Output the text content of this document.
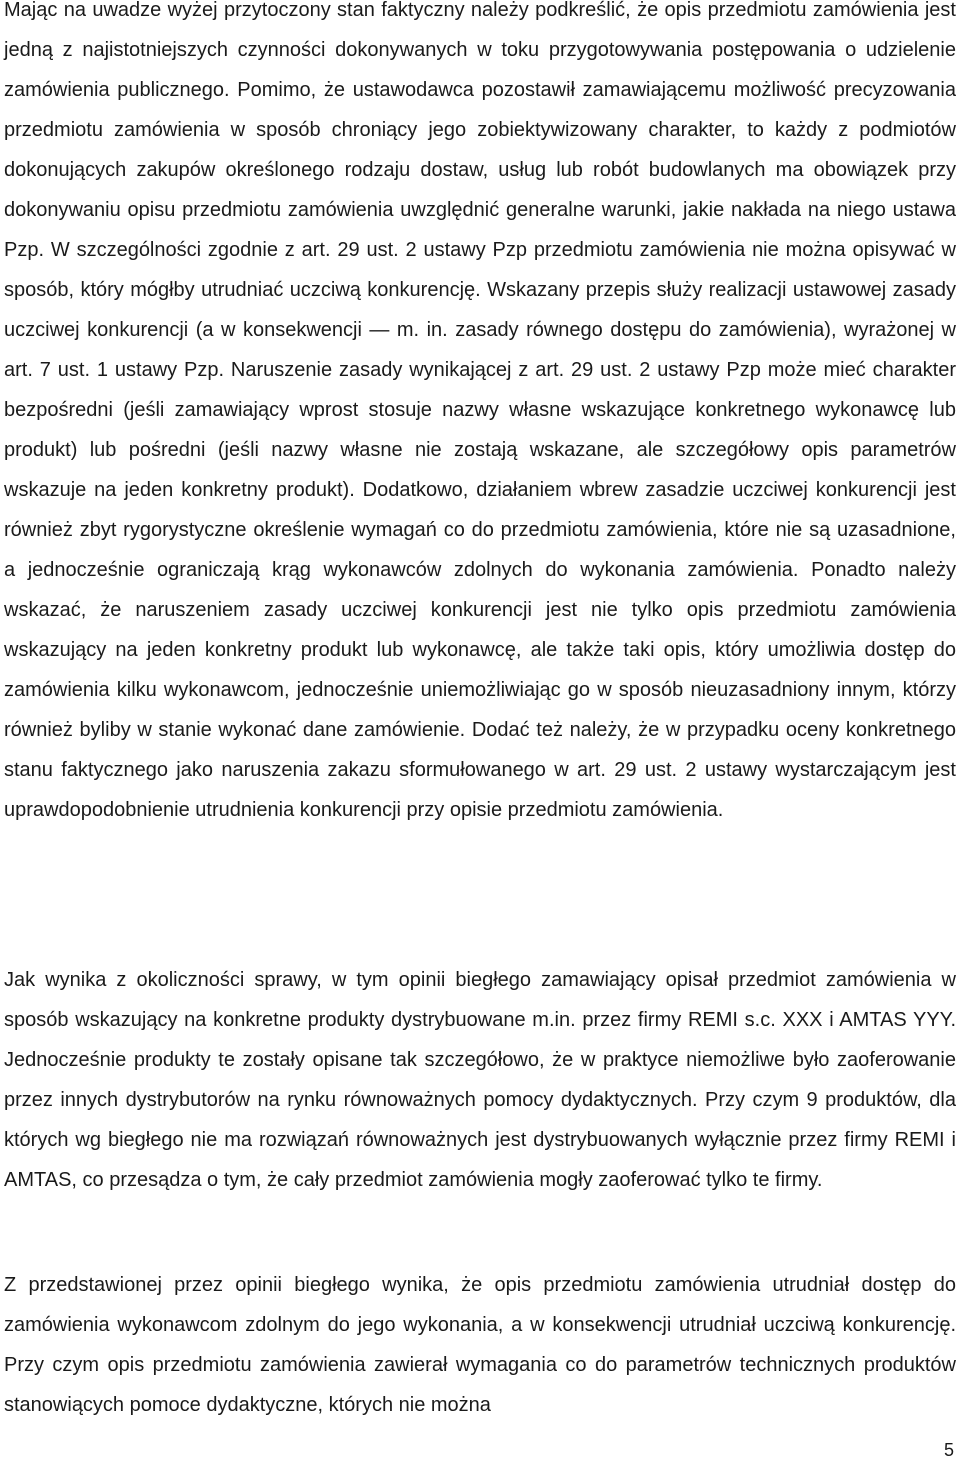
Mając na uwadze wyżej przytoczony stan faktyczny należy podkreślić, że opis przedmiotu zamówienia jest jedną z najistotniejszych czynności dokonywanych w toku przygotowywania postępowania o udzielenie zamówienia publicznego. Pomimo, że ustawodawca pozostawił zamawiającemu możliwość precyzowania przedmiotu zamówienia w sposób chroniący jego zobiektywizowany charakter, to każdy z podmiotów dokonujących zakupów określonego rodzaju dostaw, usług lub robót budowlanych ma obowiązek przy dokonywaniu opisu przedmiotu zamówienia uwzględnić generalne warunki, jakie nakłada na niego ustawa Pzp. W szczególności zgodnie z art. 29 ust. 2 ustawy Pzp przedmiotu zamówienia nie można opisywać w sposób, który mógłby utrudniać uczciwą konkurencję. Wskazany przepis służy realizacji ustawowej zasady uczciwej konkurencji (a w konsekwencji — m. in. zasady równego dostępu do zamówienia), wyrażonej w art. 7 ust. 1 ustawy Pzp. Naruszenie zasady wynikającej z art. 29 ust. 2 ustawy Pzp może mieć charakter bezpośredni (jeśli zamawiający wprost stosuje nazwy własne wskazujące konkretnego wykonawcę lub produkt) lub pośredni (jeśli nazwy własne nie zostają wskazane, ale szczegółowy opis parametrów wskazuje na jeden konkretny produkt). Dodatkowo, działaniem wbrew zasadzie uczciwej konkurencji jest również zbyt rygorystyczne określenie wymagań co do przedmiotu zamówienia, które nie są uzasadnione, a jednocześnie ograniczają krąg wykonawców zdolnych do wykonania zamówienia. Ponadto należy wskazać, że naruszeniem zasady uczciwej konkurencji jest nie tylko opis przedmiotu zamówienia wskazujący na jeden konkretny produkt lub wykonawcę, ale także taki opis, który umożliwia dostęp do zamówienia kilku wykonawcom, jednocześnie uniemożliwiając go w sposób nieuzasadniony innym, którzy również byliby w stanie wykonać dane zamówienie. Dodać też należy, że w przypadku oceny konkretnego stanu faktycznego jako naruszenia zakazu sformułowanego w art. 29 ust. 2 ustawy wystarczającym jest uprawdopodobnienie utrudnienia konkurencji przy opisie przedmiotu zamówienia.

Jak wynika z okoliczności sprawy, w tym opinii biegłego zamawiający opisał przedmiot zamówienia w sposób wskazujący na konkretne produkty dystrybuowane m.in. przez firmy REMI s.c. XXX i AMTAS YYY. Jednocześnie produkty te zostały opisane tak szczegółowo, że w praktyce niemożliwe było zaoferowanie przez innych dystrybutorów na rynku równoważnych pomocy dydaktycznych. Przy czym 9 produktów, dla których wg biegłego nie ma rozwiązań równoważnych jest dystrybuowanych wyłącznie przez firmy REMI i AMTAS, co przesądza o tym, że cały przedmiot zamówienia mogły zaoferować tylko te firmy.

Z przedstawionej przez opinii biegłego wynika, że opis przedmiotu zamówienia utrudniał dostęp do zamówienia wykonawcom zdolnym do jego wykonania, a w konsekwencji utrudniał uczciwą konkurencję. Przy czym opis przedmiotu zamówienia zawierał wymagania co do parametrów technicznych produktów stanowiących pomoce dydaktyczne, których nie można

5
